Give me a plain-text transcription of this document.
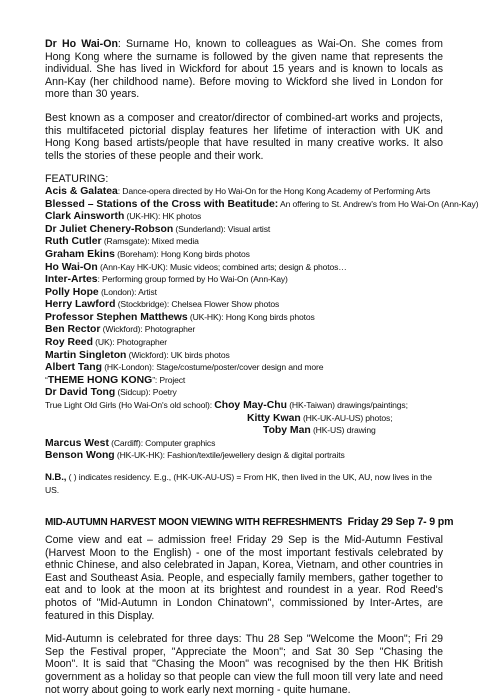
Dr Ho Wai-On: Surname Ho, known to colleagues as Wai-On. She comes from Hong Kong where the surname is followed by the given name that represents the individual. She has lived in Wickford for about 15 years and is known to locals as Ann-Kay (her childhood name). Before moving to Wickford she lived in London for more than 30 years.

Best known as a composer and creator/director of combined-art works and projects, this multifaceted pictorial display features her lifetime of interaction with UK and Hong Kong based artists/people that have resulted in many creative works. It also tells the stories of these people and their work.

FEATURING:
Acis & Galatea: Dance-opera directed by Ho Wai-On for the Hong Kong Academy of Performing Arts
Blessed – Stations of the Cross with Beatitude: An offering to St. Andrew’s from Ho Wai-On (Ann-Kay)
Clark Ainsworth (UK-HK): HK photos
Dr Juliet Chenery-Robson (Sunderland): Visual artist
Ruth Cutler (Ramsgate): Mixed media
Graham Ekins (Boreham): Hong Kong birds photos
Ho Wai-On (Ann-Kay HK-UK): Music videos; combined arts; design & photos…
Inter-Artes: Performing group formed by Ho Wai-On (Ann-Kay)
Polly Hope (London): Artist
Herry Lawford (Stockbridge): Chelsea Flower Show photos
Professor Stephen Matthews (UK-HK): Hong Kong birds photos
Ben Rector (Wickford): Photographer
Roy Reed (UK): Photographer
Martin Singleton (Wickford): UK birds photos
Albert Tang (HK-London): Stage/costume/poster/cover design and more
“THEME HONG KONG”: Project
Dr David Tong (Sidcup): Poetry
True Light Old Girls (Ho Wai-On's old school): Choy May-Chu (HK-Taiwan) drawings/paintings;
Kitty Kwan (HK-UK-AU-US) photos;
Toby Man (HK-US) drawing
Marcus West (Cardiff): Computer graphics
Benson Wong (HK-UK-HK): Fashion/textile/jewellery design & digital portraits
N.B., ( ) indicates residency. E.g., (HK-UK-AU-US) = From HK, then lived in the UK, AU, now lives in the US.
MID-AUTUMN HARVEST MOON VIEWING WITH REFRESHMENTS Friday 29 Sep 7- 9 pm

Come view and eat – admission free! Friday 29 Sep is the Mid-Autumn Festival (Harvest Moon to the English) - one of the most important festivals celebrated by ethnic Chinese, and also celebrated in Japan, Korea, Vietnam, and other countries in East and Southeast Asia. People, and especially family members, gather together to eat and to look at the moon at its brightest and roundest in a year. Rod Reed's photos of "Mid-Autumn in London Chinatown", commissioned by Inter-Artes, are featured in this Display.

Mid-Autumn is celebrated for three days: Thu 28 Sep "Welcome the Moon"; Fri 29 Sep the Festival proper, "Appreciate the Moon"; and Sat 30 Sep "Chasing the Moon". It is said that "Chasing the Moon" was recognised by the then HK British government as a holiday so that people can view the full moon till very late and need not worry about going to work early next morning - quite humane.
